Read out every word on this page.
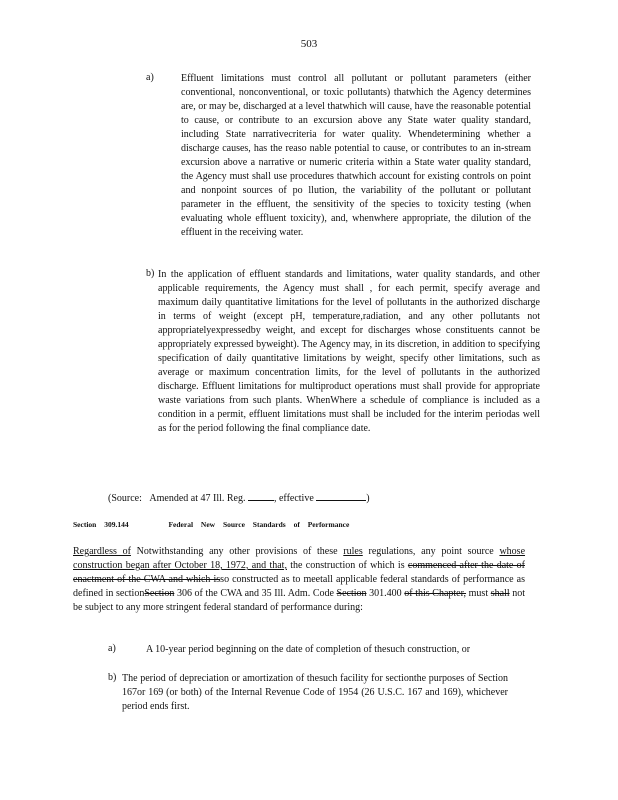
503
a)	Effluent limitations must control all pollutant or pollutant parameters (either conventional, nonconventional, or toxic pollutants) thatwhich the Agency determines are, or may be, discharged at a level thatwhich will cause, have the reasonable potential to cause, or contribute to an excursion above any State water quality standard, including State narrativecriteria for water quality. Whendetermining whether a discharge causes, has the reaso nable potential to cause, or contributes to an in-stream excursion above a narrative or numeric criteria within a State water quality standard, the Agency must shall use procedures thatwhich account for existing controls on point and nonpoint sources of po llution, the variability of the pollutant or pollutant parameter in the effluent, the sensitivity of the species to toxicity testing (when evaluating whole effluent toxicity), and, whenwhere appropriate, the dilution of the effluent in the receiving water.
b) In the application of effluent standards and limitations, water quality standards, and other applicable requirements, the Agency must shall , for each permit, specify average and maximum daily quantitative limitations for the level of pollutants in the authorized discharge in terms of weight (except pH, temperature,radiation, and any other pollutants not appropriatelyexpressedby weight, and except for discharges whose constituents cannot be appropriately expressed byweight). The Agency may, in its discretion, in addition to specifying specification of daily quantitative limitations by weight, specify other limitations, such as average or maximum concentration limits, for the level of pollutants in the authorized discharge. Effluent limitations for multiproduct operations must shall provide for appropriate waste variations from such plants. WhenWhere a schedule of compliance is included as a condition in a permit, effluent limitations must shall be included for the interim periodas well as for the period following the final compliance date.
(Source: Amended at 47 Ill. Reg.	, effective	)
Section 309.144	Federal New Source Standards of Performance
Regardless of Notwithstanding any other provisions of these rules regulations, any point source whose construction began after October 18, 1972, and that, the construction of which is commenced after the date of enactment of the CWA and which isso constructed as to meetall applicable federal standards of performance as defined in sectionSection 306 of the CWA and 35 Ill. Adm. Code Section 301.400 of this Chapter, must shall not be subject to any more stringent federal standard of performance during:
a)	A 10-year period beginning on the date of completion of thesuch construction, or
b) The period of depreciation or amortization of thesuch facility for sectionthe purposes of Section 167or 169 (or both) of the Internal Revenue Code of 1954 (26 U.S.C. 167 and 169), whichever period ends first.
